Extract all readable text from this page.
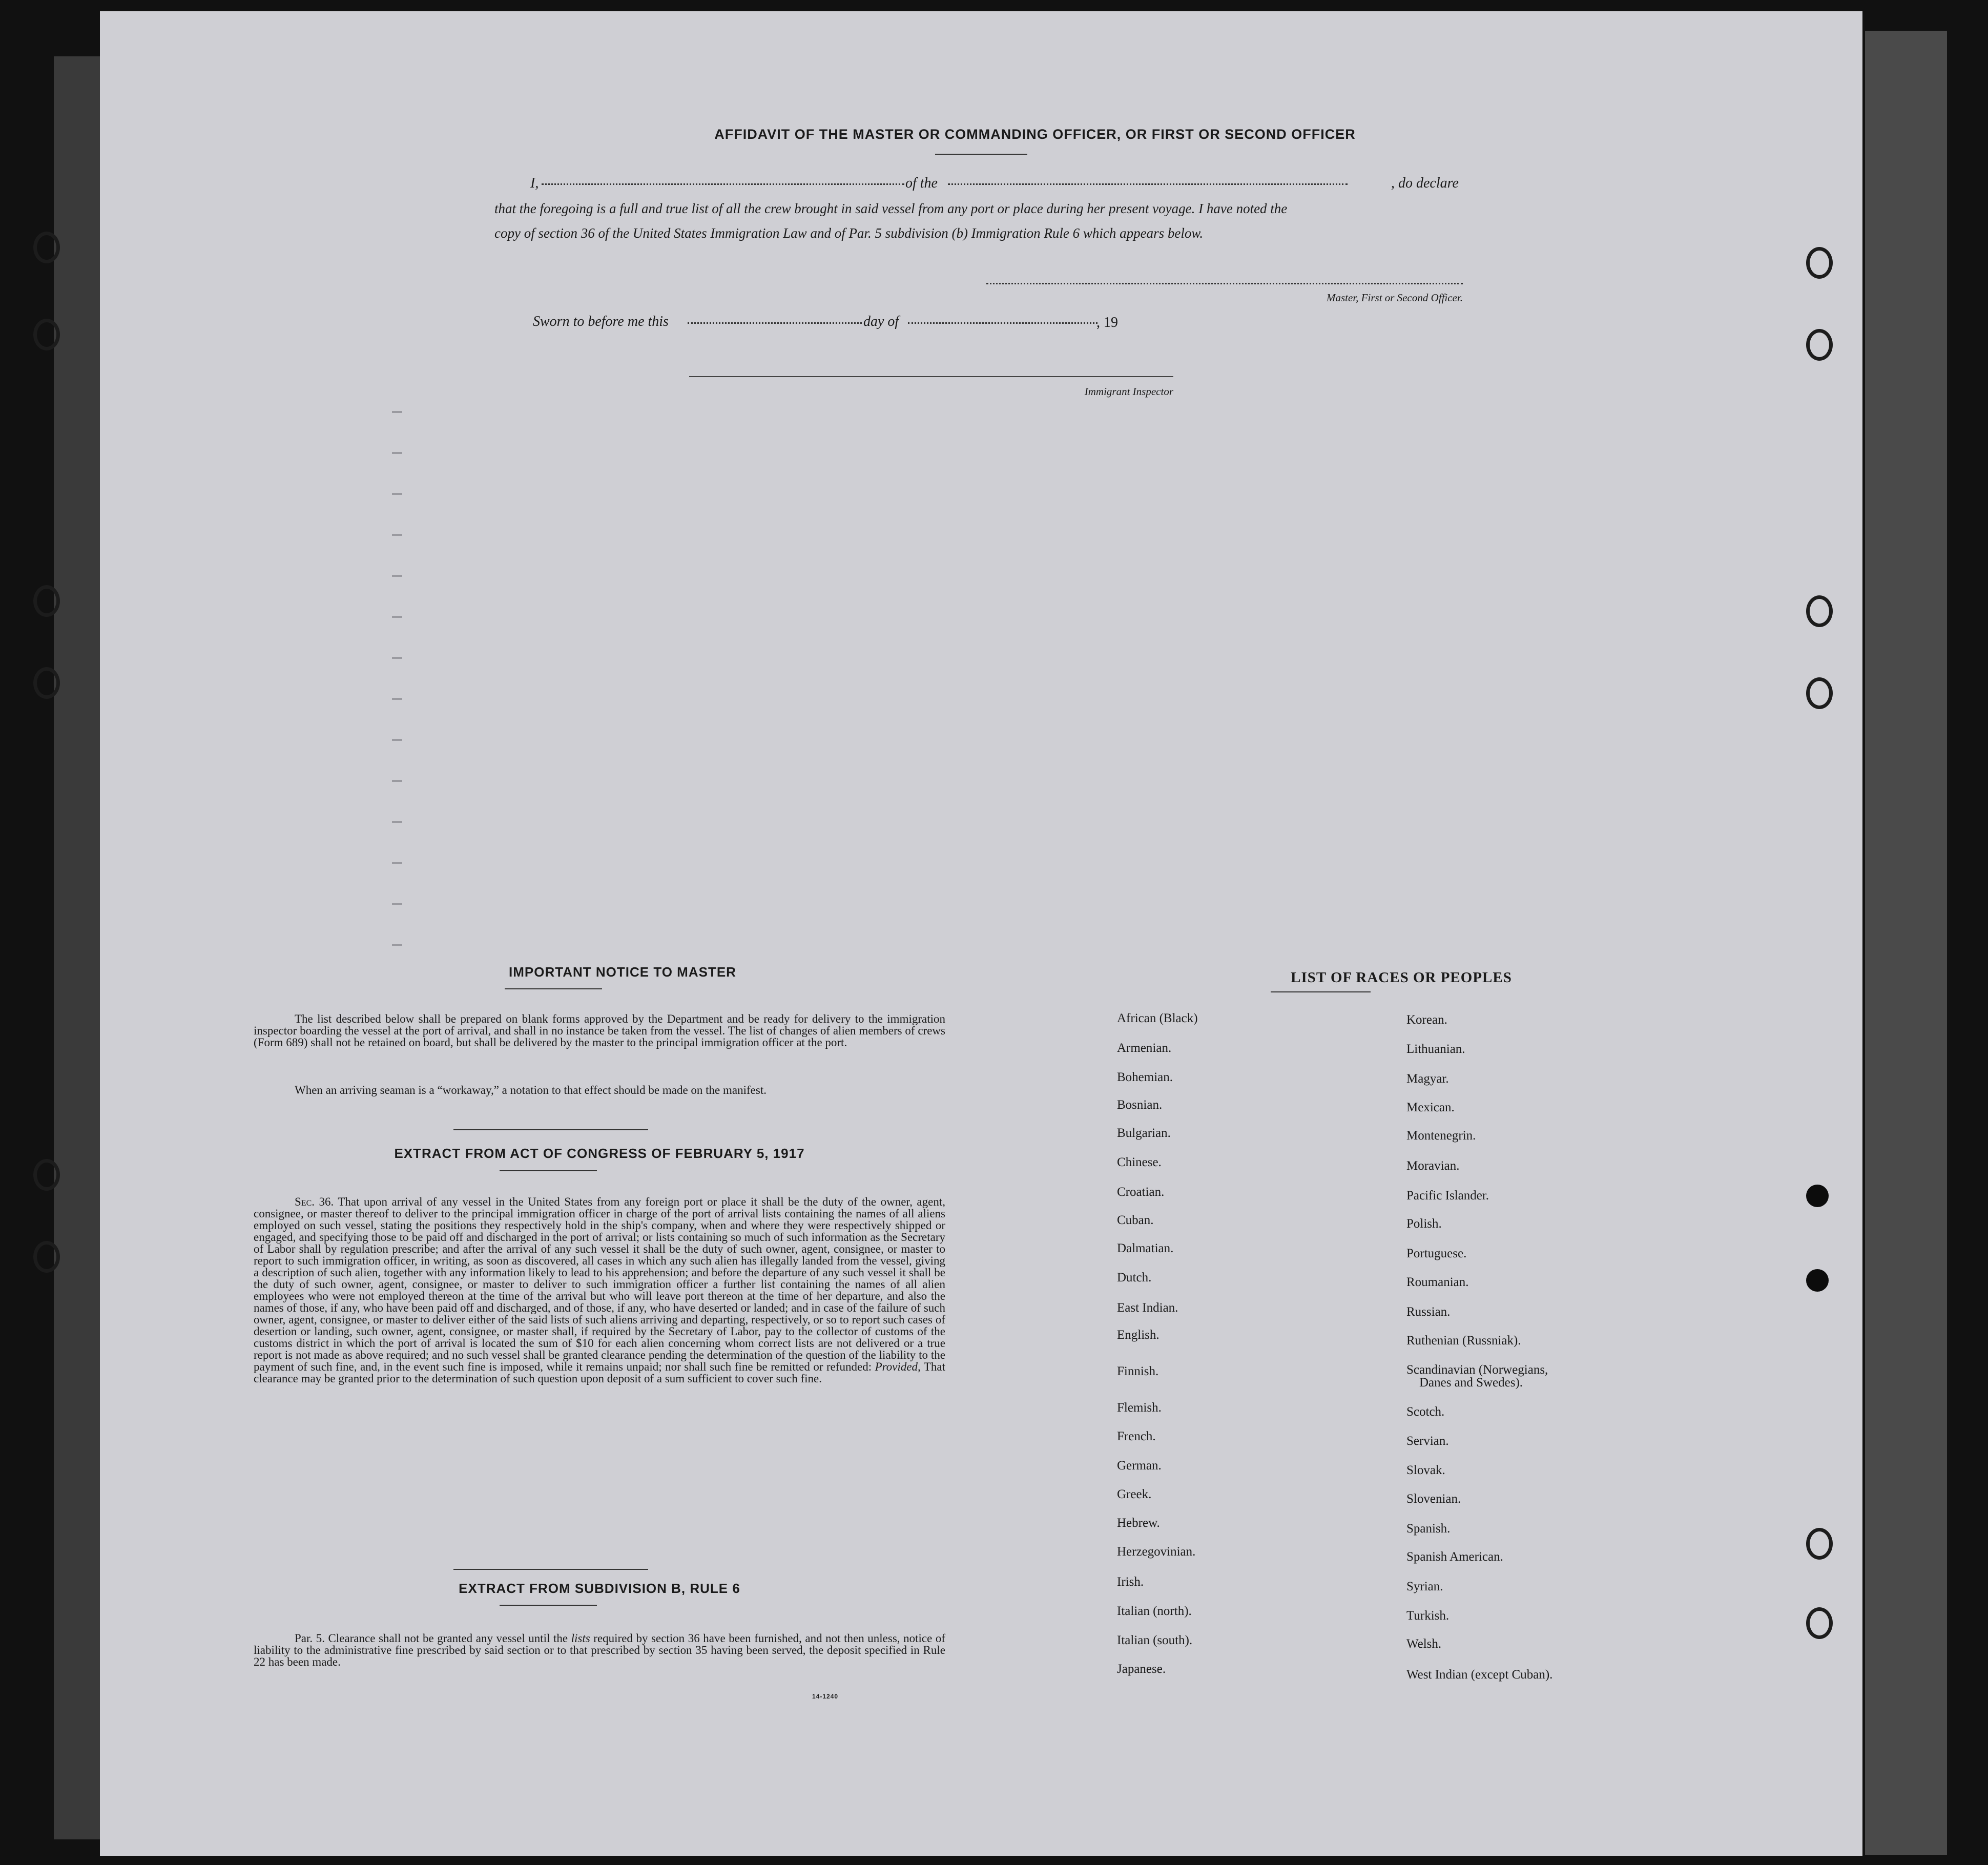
AFFIDAVIT OF THE MASTER OR COMMANDING OFFICER, OR FIRST OR SECOND OFFICER
I,	of the	, do declare
that the foregoing is a full and true list of all the crew brought in said vessel from any port or place during her present voyage. I have noted the
copy of section 36 of the United States Immigration Law and of Par. 5 subdivision (b) Immigration Rule 6 which appears below.
Master, First or Second Officer.
Sworn to before me this	day of	, 19
Immigrant Inspector
IMPORTANT NOTICE TO MASTER
The list described below shall be prepared on blank forms approved by the Department and be ready for delivery to the immigration inspector boarding the vessel at the port of arrival, and shall in no instance be taken from the vessel. The list of changes of alien members of crews (Form 689) shall not be retained on board, but shall be delivered by the master to the principal immigration officer at the port.
When an arriving seaman is a “workaway,” a notation to that effect should be made on the manifest.
EXTRACT FROM ACT OF CONGRESS OF FEBRUARY 5, 1917
Sec. 36. That upon arrival of any vessel in the United States from any foreign port or place it shall be the duty of the owner, agent, consignee, or master thereof to deliver to the principal immigration officer in charge of the port of arrival lists containing the names of all aliens employed on such vessel, stating the positions they respectively hold in the ship's company, when and where they were respectively shipped or engaged, and specifying those to be paid off and discharged in the port of arrival; or lists containing so much of such information as the Secretary of Labor shall by regulation prescribe; and after the arrival of any such vessel it shall be the duty of such owner, agent, consignee, or master to report to such immigration officer, in writing, as soon as discovered, all cases in which any such alien has illegally landed from the vessel, giving a description of such alien, together with any information likely to lead to his apprehension; and before the departure of any such vessel it shall be the duty of such owner, agent, consignee, or master to deliver to such immigration officer a further list containing the names of all alien employees who were not employed thereon at the time of the arrival but who will leave port thereon at the time of her departure, and also the names of those, if any, who have been paid off and discharged, and of those, if any, who have deserted or landed; and in case of the failure of such owner, agent, consignee, or master to deliver either of the said lists of such aliens arriving and departing, respectively, or so to report such cases of desertion or landing, such owner, agent, consignee, or master shall, if required by the Secretary of Labor, pay to the collector of customs of the customs district in which the port of arrival is located the sum of $10 for each alien concerning whom correct lists are not delivered or a true report is not made as above required; and no such vessel shall be granted clearance pending the determination of the question of the liability to the payment of such fine, and, in the event such fine is imposed, while it remains unpaid; nor shall such fine be remitted or refunded: Provided, That clearance may be granted prior to the determination of such question upon deposit of a sum sufficient to cover such fine.
EXTRACT FROM SUBDIVISION B, RULE 6
Par. 5. Clearance shall not be granted any vessel until the lists required by section 36 have been furnished, and not then unless, notice of liability to the administrative fine prescribed by said section or to that prescribed by section 35 having been served, the deposit specified in Rule 22 has been made.
14-1240
LIST OF RACES OR PEOPLES
African (Black)
Armenian.
Bohemian.
Bosnian.
Bulgarian.
Chinese.
Croatian.
Cuban.
Dalmatian.
Dutch.
East Indian.
English.
Finnish.
Flemish.
French.
German.
Greek.
Hebrew.
Herzegovinian.
Irish.
Italian (north).
Italian (south).
Japanese.
Korean.
Lithuanian.
Magyar.
Mexican.
Montenegrin.
Moravian.
Pacific Islander.
Polish.
Portuguese.
Roumanian.
Russian.
Ruthenian (Russniak).
Scandinavian (Norwegians,
Scotch.
Servian.
Slovak.
Slovenian.
Spanish.
Spanish American.
Syrian.
Turkish.
Welsh.
West Indian (except Cuban).
Danes and Swedes).
